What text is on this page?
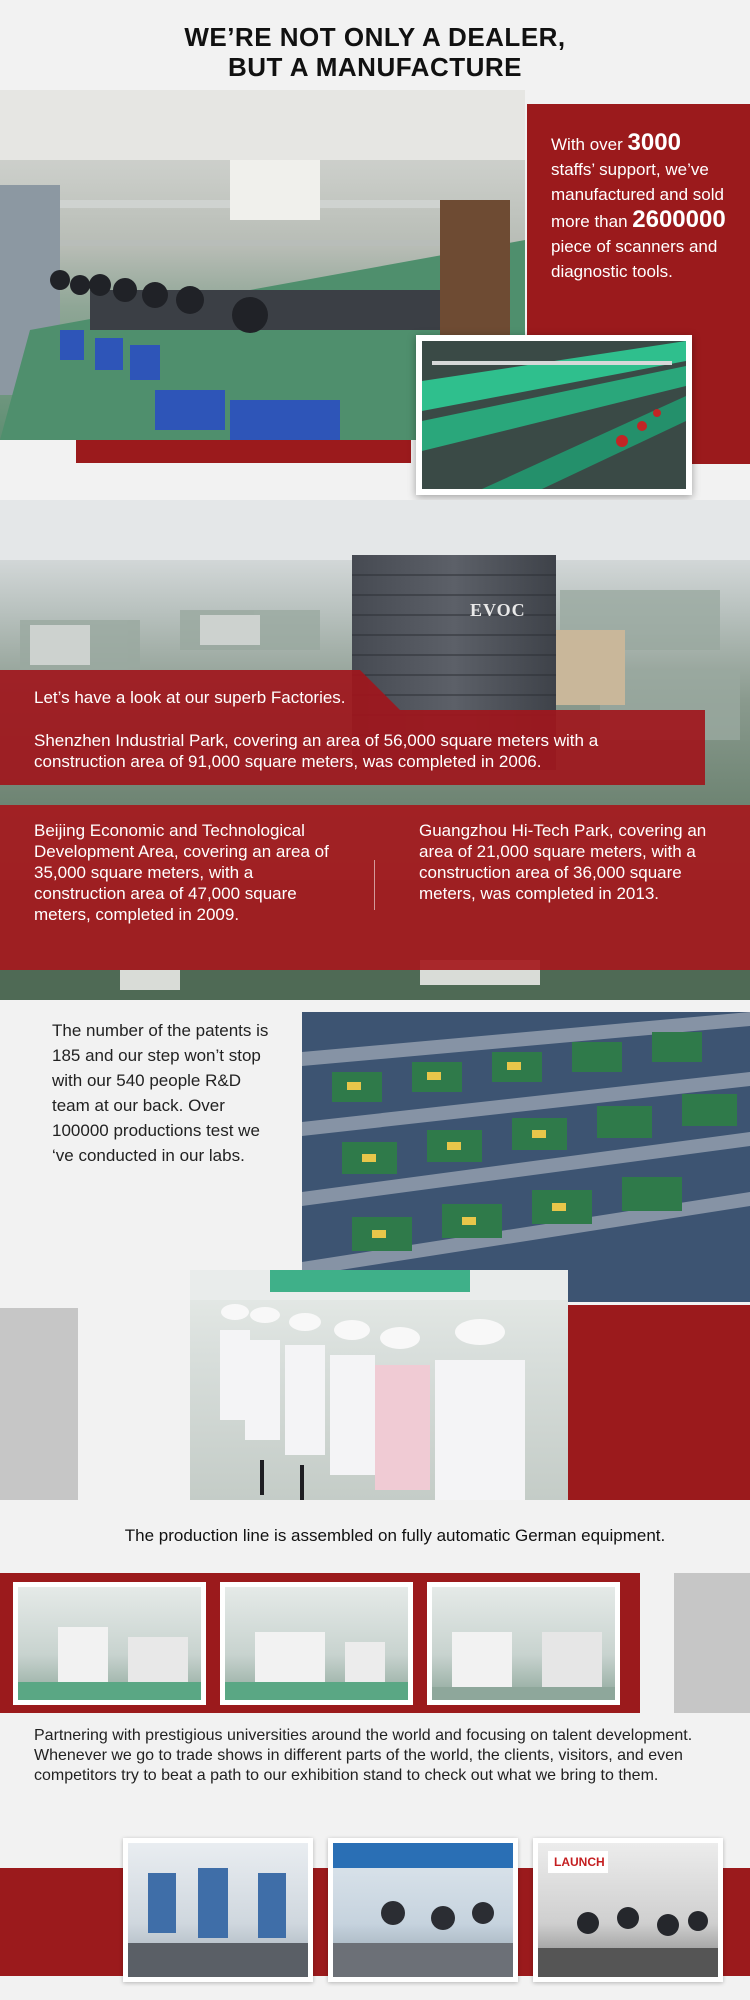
WE’RE NOT ONLY A DEALER,
BUT A MANUFACTURE
With over 3000 staffs’ support, we’ve manufactured and sold more than 2600000 piece of scanners and diagnostic tools.
EVOC
Let’s have a look at our superb Factories.
Shenzhen Industrial Park, covering an area of 56,000 square meters with a construction area of 91,000 square meters, was completed in 2006.
Beijing Economic and Technological Development Area, covering an area of 35,000 square meters, with a construction area of 47,000 square meters, completed in 2009.
Guangzhou Hi-Tech Park, covering an area of 21,000 square meters, with a construction area of 36,000 square meters, was completed in 2013.
The number of the patents is 185 and our step won’t stop with our 540 people R&D team at our back. Over 100000 productions test we ‘ve conducted in our labs.
The production line is assembled on fully automatic German equipment.
Partnering with prestigious universities around the world and focusing on talent development.
Whenever we go to trade shows in different parts of the world, the clients, visitors, and even competitors try to beat a path to our exhibition stand to check out what we bring to them.
LAUNCH
